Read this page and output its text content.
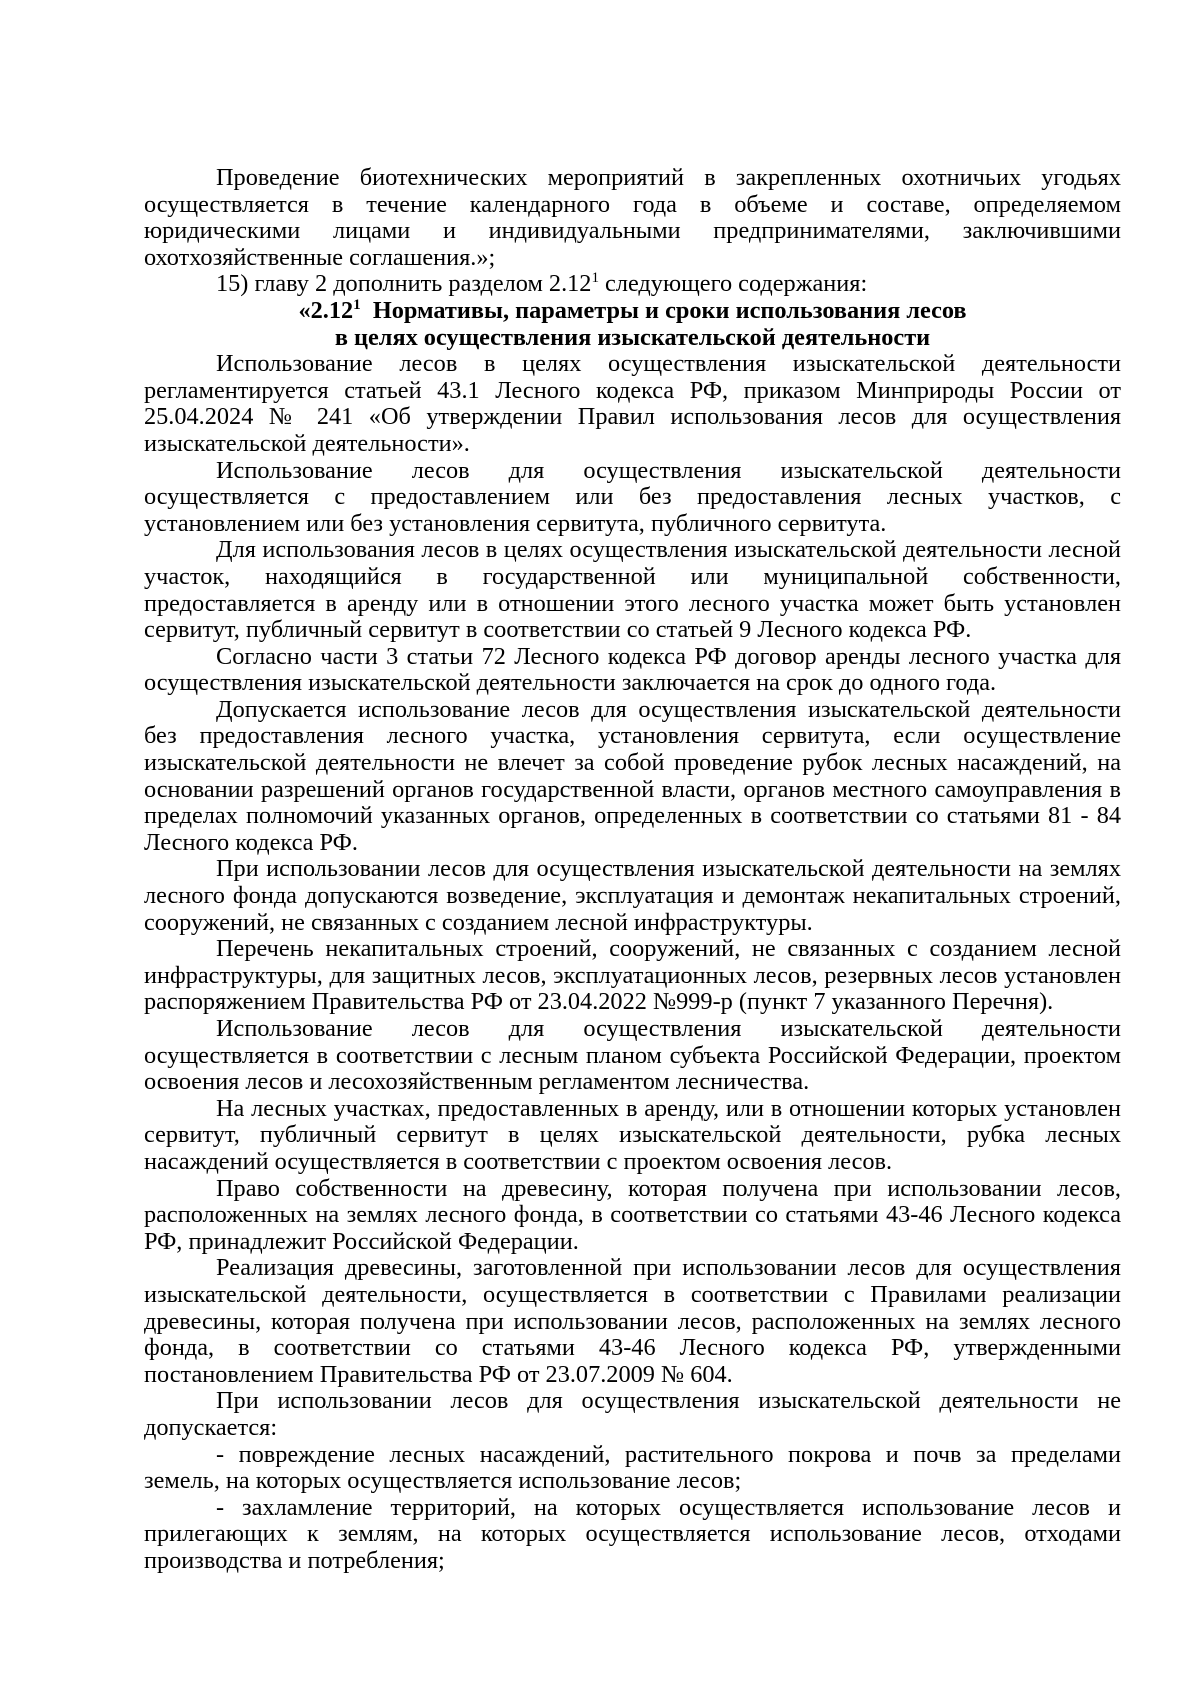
Проведение биотехнических мероприятий в закрепленных охотничьих угодьях осуществляется в течение календарного года в объеме и составе, определяемом юридическими лицами и индивидуальными предпринимателями, заключившими охотхозяйственные соглашения.»;

15) главу 2 дополнить разделом 2.12$^1$ следующего содержания:

«2.12$^1$  Нормативы, параметры и сроки использования лесов
в целях осуществления изыскательской деятельности

Использование лесов в целях осуществления изыскательской деятельности регламентируется статьей 43.1 Лесного кодекса РФ, приказом Минприроды России от 25.04.2024 № 241 «Об утверждении Правил использования лесов для осуществления изыскательской деятельности».

Использование лесов для осуществления изыскательской деятельности осуществляется с предоставлением или без предоставления лесных участков, с установлением или без установления сервитута, публичного сервитута.

Для использования лесов в целях осуществления изыскательской деятельности лесной участок, находящийся в государственной или муниципальной собственности, предоставляется в аренду или в отношении этого лесного участка может быть установлен сервитут, публичный сервитут в соответствии со статьей 9 Лесного кодекса РФ.

Согласно части 3 статьи 72 Лесного кодекса РФ договор аренды лесного участка для осуществления изыскательской деятельности заключается на срок до одного года.

Допускается использование лесов для осуществления изыскательской деятельности без предоставления лесного участка, установления сервитута, если осуществление изыскательской деятельности не влечет за собой проведение рубок лесных насаждений, на основании разрешений органов государственной власти, органов местного самоуправления в пределах полномочий указанных органов, определенных в соответствии со статьями 81 - 84 Лесного кодекса РФ.

При использовании лесов для осуществления изыскательской деятельности на землях лесного фонда допускаются возведение, эксплуатация и демонтаж некапитальных строений, сооружений, не связанных с созданием лесной инфраструктуры.

Перечень некапитальных строений, сооружений, не связанных с созданием лесной инфраструктуры, для защитных лесов, эксплуатационных лесов, резервных лесов установлен распоряжением Правительства РФ от 23.04.2022 №999-р (пункт 7 указанного Перечня).

Использование лесов для осуществления изыскательской деятельности осуществляется в соответствии с лесным планом субъекта Российской Федерации, проектом освоения лесов и лесохозяйственным регламентом лесничества.

На лесных участках, предоставленных в аренду, или в отношении которых установлен сервитут, публичный сервитут в целях изыскательской деятельности, рубка лесных насаждений осуществляется в соответствии с проектом освоения лесов.

Право собственности на древесину, которая получена при использовании лесов, расположенных на землях лесного фонда, в соответствии со статьями 43-46 Лесного кодекса РФ, принадлежит Российской Федерации.

Реализация древесины, заготовленной при использовании лесов для осуществления изыскательской деятельности, осуществляется в соответствии с Правилами реализации древесины, которая получена при использовании лесов, расположенных на землях лесного фонда, в соответствии со статьями 43-46 Лесного кодекса РФ, утвержденными постановлением Правительства РФ от 23.07.2009 № 604.

При использовании лесов для осуществления изыскательской деятельности не допускается:

- повреждение лесных насаждений, растительного покрова и почв за пределами земель, на которых осуществляется использование лесов;

- захламление территорий, на которых осуществляется использование лесов и прилегающих к землям, на которых осуществляется использование лесов, отходами производства и потребления;
